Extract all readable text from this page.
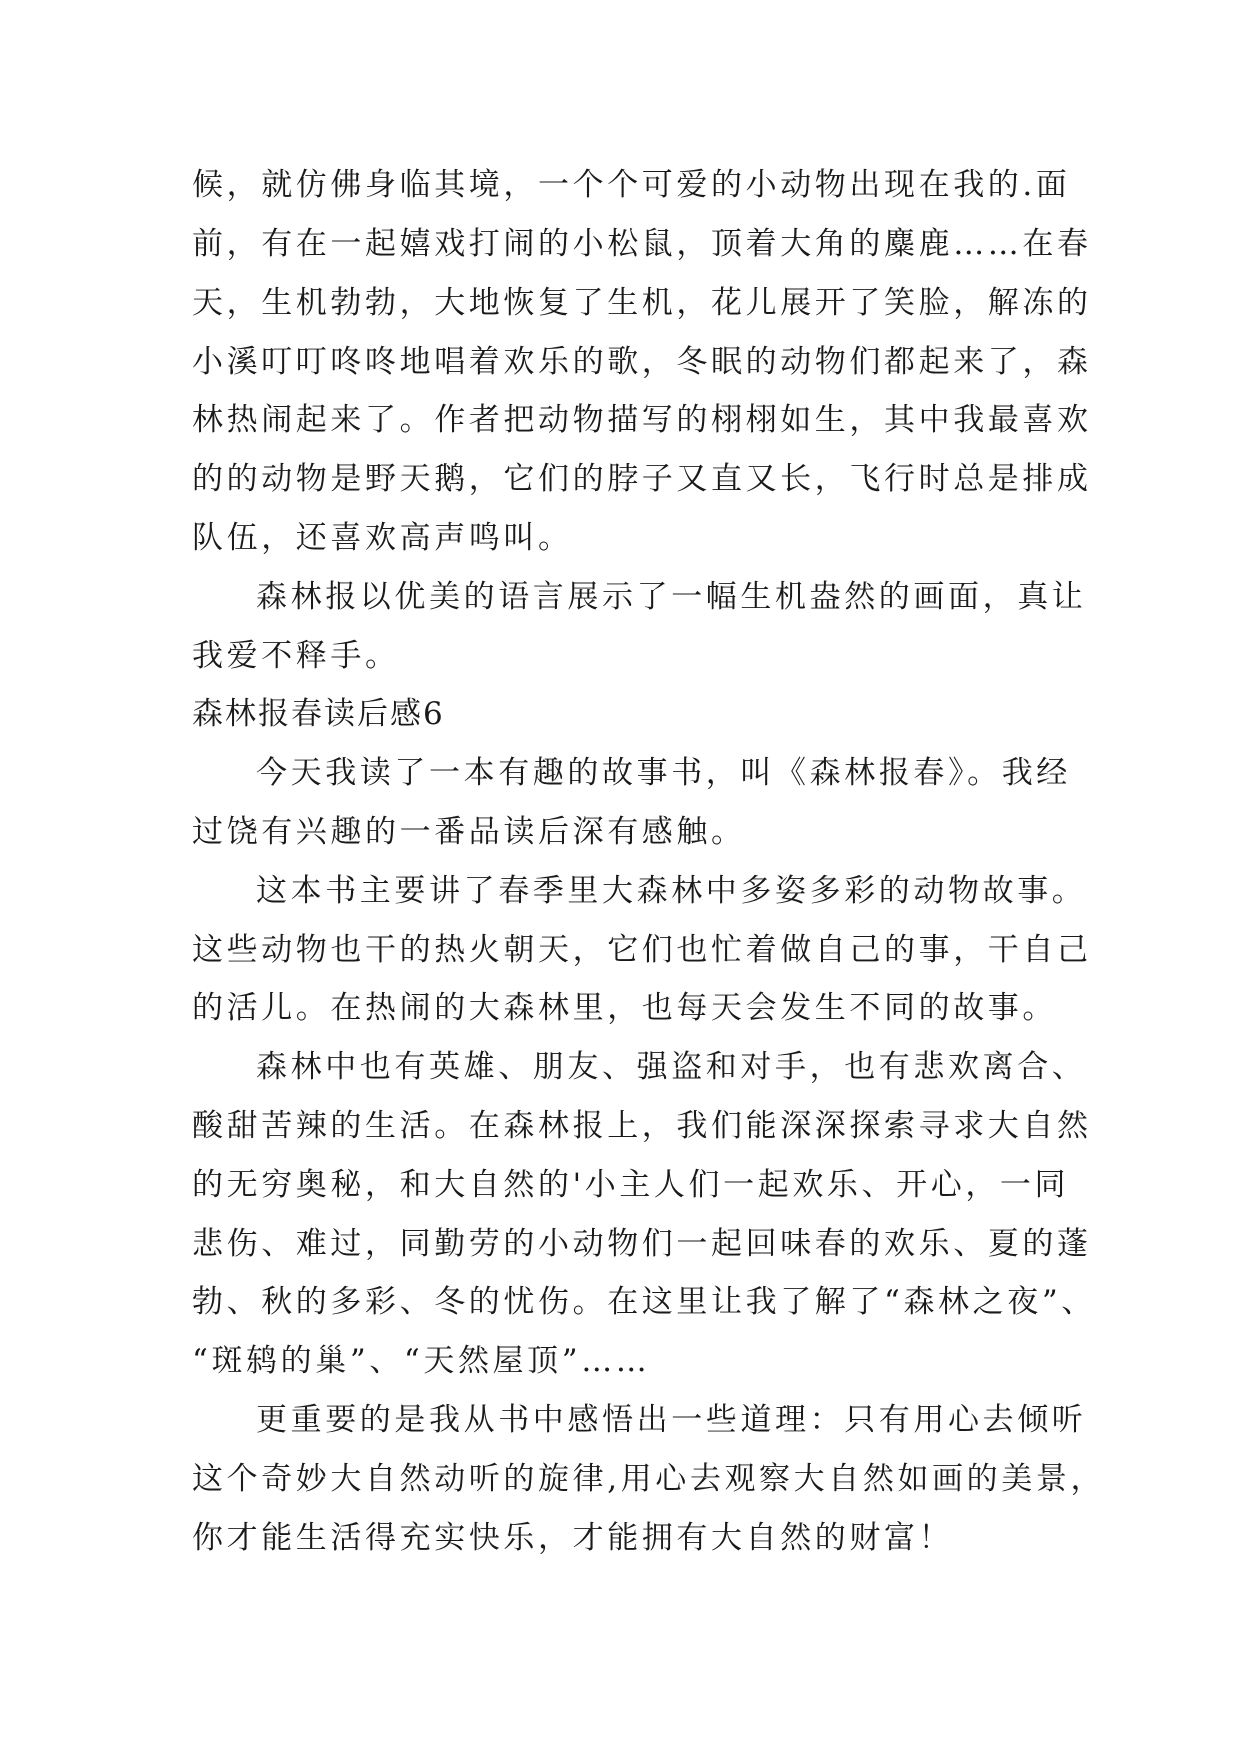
候，就仿佛身临其境，一个个可爱的小动物出现在我的.面
前，有在一起嬉戏打闹的小松鼠，顶着大角的麋鹿……在春
天，生机勃勃，大地恢复了生机，花儿展开了笑脸，解冻的
小溪叮叮咚咚地唱着欢乐的歌，冬眠的动物们都起来了，森
林热闹起来了。作者把动物描写的栩栩如生，其中我最喜欢
的的动物是野天鹅，它们的脖子又直又长，飞行时总是排成
队伍，还喜欢高声鸣叫。
森林报以优美的语言展示了一幅生机盎然的画面，真让
我爱不释手。
森林报春读后感6
今天我读了一本有趣的故事书，叫《森林报春》。我经
过饶有兴趣的一番品读后深有感触。
这本书主要讲了春季里大森林中多姿多彩的动物故事。
这些动物也干的热火朝天，它们也忙着做自己的事，干自己
的活儿。在热闹的大森林里，也每天会发生不同的故事。
森林中也有英雄、朋友、强盗和对手，也有悲欢离合、
酸甜苦辣的生活。在森林报上，我们能深深探索寻求大自然
的无穷奥秘，和大自然的'小主人们一起欢乐、开心，一同
悲伤、难过，同勤劳的小动物们一起回味春的欢乐、夏的蓬
勃、秋的多彩、冬的忧伤。在这里让我了解了“森林之夜”、
“斑鸫的巢”、“天然屋顶”……
更重要的是我从书中感悟出一些道理：只有用心去倾听
这个奇妙大自然动听的旋律,用心去观察大自然如画的美景，
你才能生活得充实快乐，才能拥有大自然的财富！
